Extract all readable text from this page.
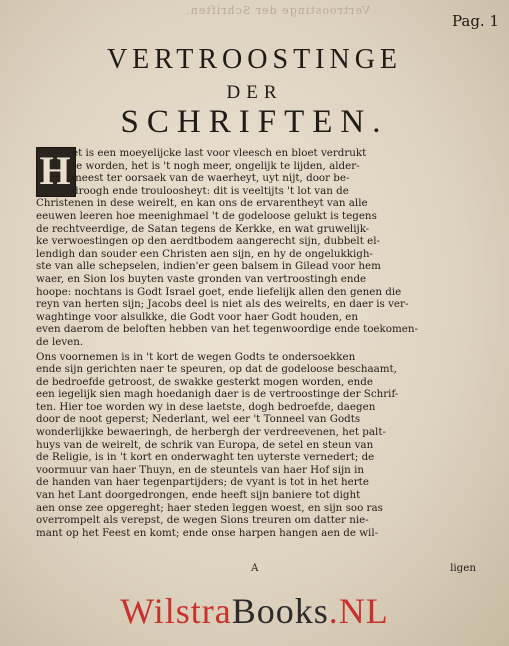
Vertroostinge der Schriften.
Pag. 1
VERTROOSTINGE
DER
SCHRIFTEN.
H et is een moeyelijcke last voor vleesch en bloet verdrukt
te worden, het is 't nogh meer, ongelijk te lijden, alder-
meest ter oorsaek van de waerheyt, uyt nijt, door be-
droogh ende trouloosheyt: dit is veeltijts 't lot van de
Christenen in dese weirelt, en kan ons de ervarentheyt van alle
eeuwen leeren hoe meenighmael 't de godeloose gelukt is tegens
de rechtveerdige, de Satan tegens de Kerkke, en wat gruwelijk-
ke verwoestingen op den aerdtbodem aangerecht sijn, dubbelt el-
lendigh dan souder een Christen aen sijn, en hy de ongelukkigh-
ste van alle schepselen, indien'er geen balsem in Gilead voor hem
waer, en Sion los buyten vaste gronden van vertroostingh ende
hoope: nochtans is Godt Israel goet, ende liefelijk allen den genen die
reyn van herten sijn; Jacobs deel is niet als des weirelts, en daer is ver-
waghtinge voor alsulkke, die Godt voor haer Godt houden, en
even daerom de beloften hebben van het tegenwoordige ende toekomen-
de leven.
Ons voornemen is in 't kort de wegen Godts te ondersoekken
ende sijn gerichten naer te speuren, op dat de godeloose beschaamt,
de bedroefde getroost, de swakke gesterkt mogen worden, ende
een iegelijk sien magh hoedanigh daer is de vertroostinge der Schrif-
ten. Hier toe worden wy in dese laetste, dogh bedroefde, daegen
door de noot geperst; Nederlant, wel eer 't Tonneel van Godts
wonderlijkke bewaeringh, de herbergh der verdreevenen, het palt-
huys van de weirelt, de schrik van Europa, de setel en steun van
de Religie, is in 't kort en onderwaght ten uyterste vernedert; de
voormuur van haer Thuyn, en de steuntels van haer Hof sijn in
de handen van haer tegenpartijders; de vyant is tot in het herte
van het Lant doorgedrongen, ende heeft sijn baniere tot dight
aen onse zee opgereght; haer steden leggen woest, en sijn soo ras
overrompelt als verepst, de wegen Sions treuren om datter nie-
mant op het Feest en komt; ende onse harpen hangen aen de wil-
A	ligen
WilstraBooks.NL
